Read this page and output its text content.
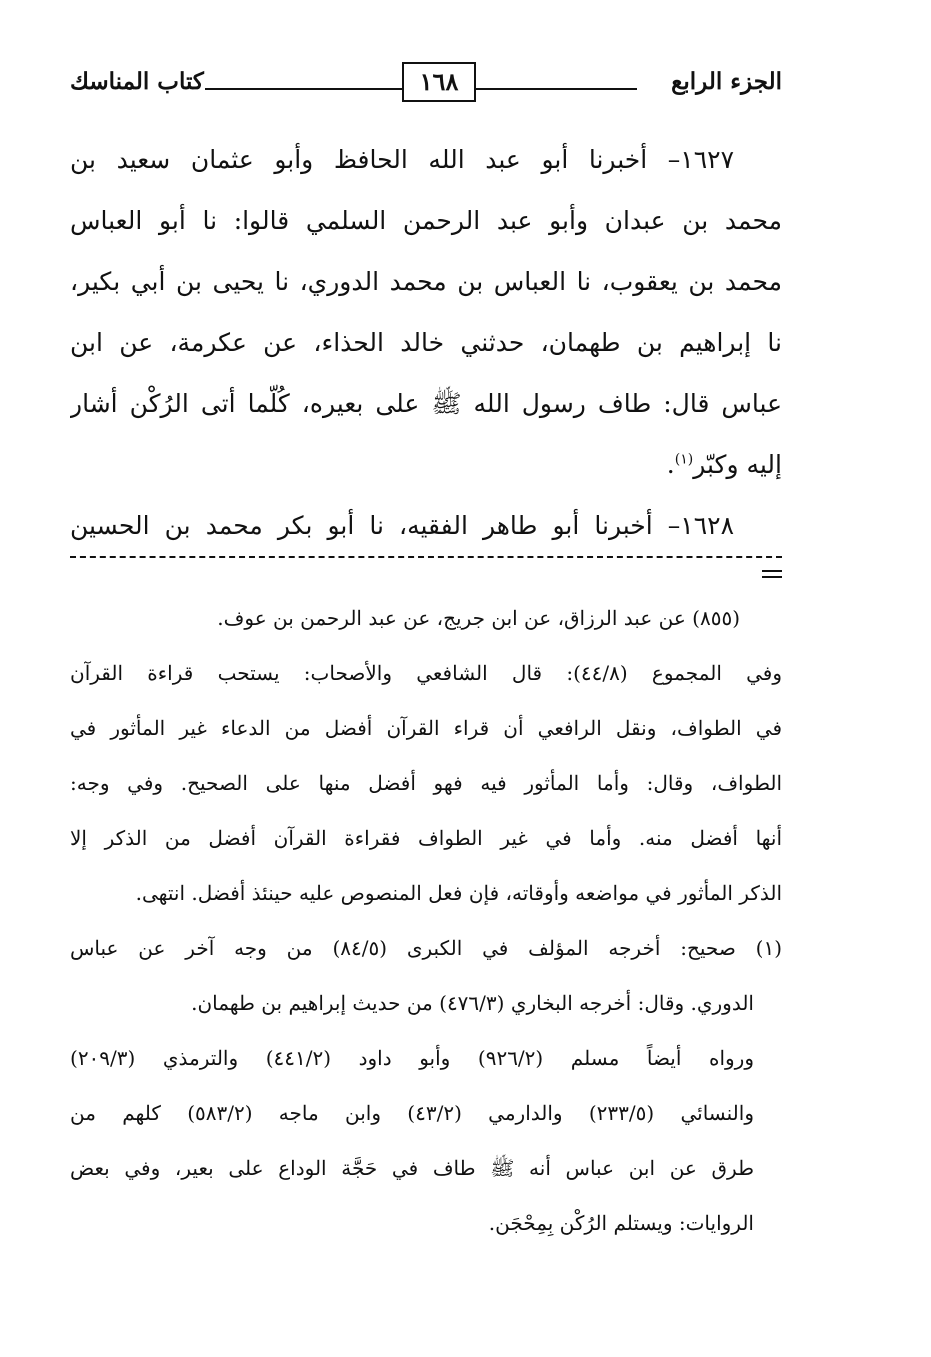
كتاب المناسك	١٦٨	الجزء الرابع
١٦٢٧– أخبرنا أبو عبد الله الحافظ وأبو عثمان سعيد بن
محمد بن عبدان وأبو عبد الرحمن السلمي قالوا: نا أبو العباس
محمد بن يعقوب، نا العباس بن محمد الدوري، نا يحيى بن أبي بكير،
نا إبراهيم بن طهمان، حدثني خالد الحذاء، عن عكرمة، عن ابن
عباس قال: طاف رسول الله ﷺ على بعيره، كُلّما أتى الرُكْن أشار
إليه وكبّر$^{(١)}$.
١٦٢٨– أخبرنا أبو طاهر الفقيه، نا أبو بكر محمد بن الحسين
(٨٥٥) عن عبد الرزاق، عن ابن جريج، عن عبد الرحمن بن عوف.
وفي المجموع (٤٤/٨): قال الشافعي والأصحاب: يستحب قراءة القرآن
في الطواف، ونقل الرافعي أن قراء القرآن أفضل من الدعاء غير المأثور في
الطواف، وقال: وأما المأثور فيه فهو أفضل منها على الصحيح. وفي وجه:
أنها أفضل منه. وأما في غير الطواف فقراءة القرآن أفضل من الذكر إلا
الذكر المأثور في مواضعه وأوقاته، فإن فعل المنصوص عليه حينئذ أفضل. انتهى.
(١) صحيح: أخرجه المؤلف في الكبرى (٨٤/٥) من وجه آخر عن عباس
الدوري. وقال: أخرجه البخاري (٤٧٦/٣) من حديث إبراهيم بن طهمان.
ورواه أيضاً مسلم (٩٢٦/٢) وأبو داود (٤٤١/٢) والترمذي (٢٠٩/٣)
والنسائي (٢٣٣/٥) والدارمي (٤٣/٢) وابن ماجه (٥٨٣/٢) كلهم من
طرق عن ابن عباس أنه ﷺ طاف في حَجَّة الوداع على بعير، وفي بعض
الروايات: ويستلم الرُكْن بِمِحْجَن.
